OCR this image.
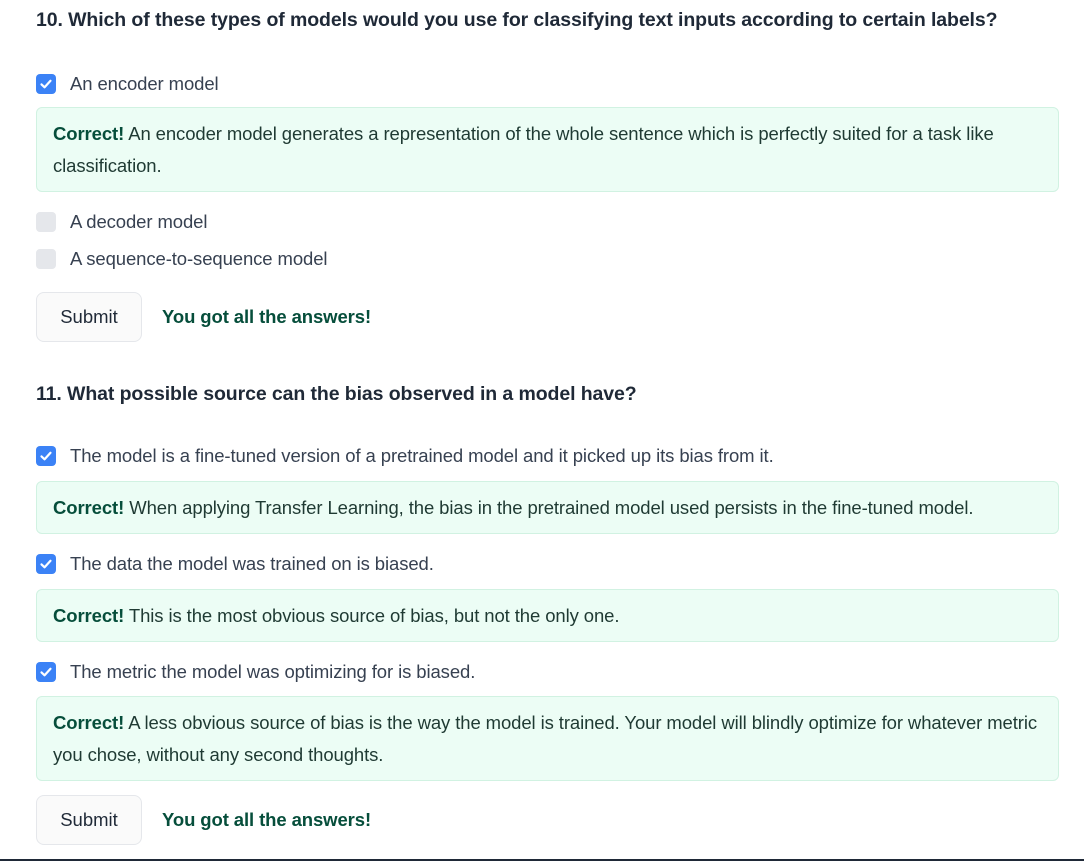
10. Which of these types of models would you use for classifying text inputs according to certain labels?
An encoder model
Correct! An encoder model generates a representation of the whole sentence which is perfectly suited for a task like classification.
A decoder model
A sequence-to-sequence model
Submit	You got all the answers!
11. What possible source can the bias observed in a model have?
The model is a fine-tuned version of a pretrained model and it picked up its bias from it.
Correct! When applying Transfer Learning, the bias in the pretrained model used persists in the fine-tuned model.
The data the model was trained on is biased.
Correct! This is the most obvious source of bias, but not the only one.
The metric the model was optimizing for is biased.
Correct! A less obvious source of bias is the way the model is trained. Your model will blindly optimize for whatever metric you chose, without any second thoughts.
Submit	You got all the answers!
